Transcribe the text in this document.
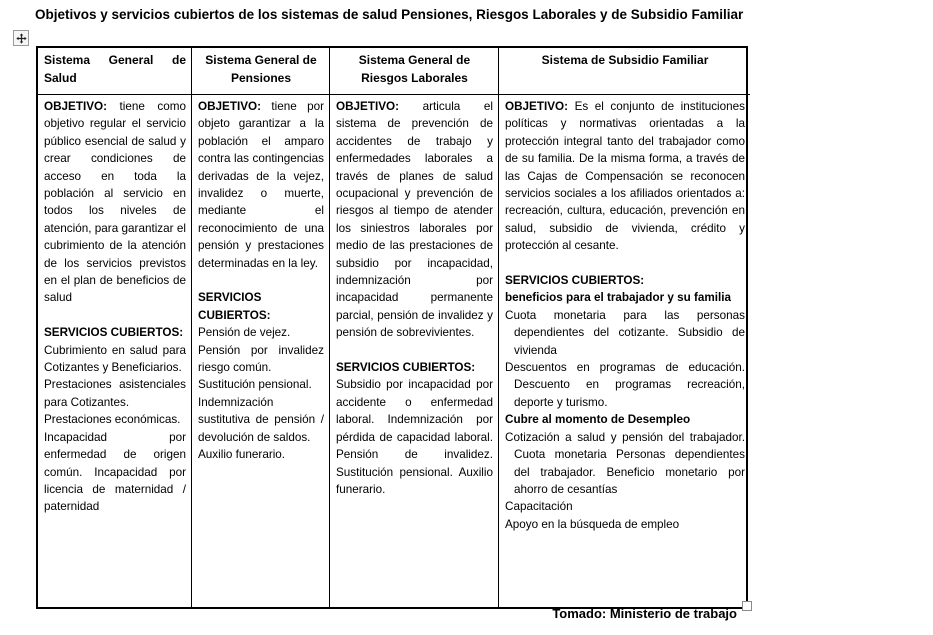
Objetivos y servicios cubiertos de los sistemas de salud Pensiones, Riesgos Laborales y de Subsidio Familiar
Sistema General de Salud
Sistema General de Pensiones
Sistema General de Riesgos Laborales
Sistema de Subsidio Familiar

OBJETIVO: tiene como objetivo regular el servicio público esencial de salud y crear condiciones de acceso en toda la población al servicio en todos los niveles de atención, para garantizar el cubrimiento de la atención de los servicios previstos en el plan de beneficios de salud

SERVICIOS CUBIERTOS:

Cubrimiento en salud para Cotizantes y Beneficiarios.

Prestaciones asistenciales para Cotizantes.

Prestaciones económicas.

Incapacidad por enfermedad de origen común. Incapacidad por licencia de maternidad / paternidad

OBJETIVO: tiene por objeto garantizar a la población el amparo contra las contingencias derivadas de la vejez, invalidez o muerte, mediante el reconocimiento de una pensión y prestaciones determinadas en la ley.

SERVICIOS CUBIERTOS:

Pensión de vejez.

Pensión por invalidez riesgo común.

Sustitución pensional.

Indemnización sustitutiva de pensión / devolución de saldos.

Auxilio funerario.

OBJETIVO: articula el sistema de prevención de accidentes de trabajo y enfermedades laborales a través de planes de salud ocupacional y prevención de riesgos al tiempo de atender los siniestros laborales por medio de las prestaciones de subsidio por incapacidad, indemnización por incapacidad permanente parcial, pensión de invalidez y pensión de sobrevivientes.

SERVICIOS CUBIERTOS:

Subsidio por incapacidad por accidente o enfermedad laboral. Indemnización por pérdida de capacidad laboral. Pensión de invalidez. Sustitución pensional. Auxilio funerario.

OBJETIVO: Es el conjunto de instituciones políticas y normativas orientadas a la protección integral tanto del trabajador como de su familia. De la misma forma, a través de las Cajas de Compensación se reconocen servicios sociales a los afiliados orientados a: recreación, cultura, educación, prevención en salud, subsidio de vivienda, crédito y protección al cesante.

SERVICIOS CUBIERTOS:

beneficios para el trabajador y su familia

Cuota monetaria para las personas dependientes del cotizante. Subsidio de vivienda

Descuentos en programas de educación. Descuento en programas recreación, deporte y turismo.

Cubre al momento de Desempleo

Cotización a salud y pensión del trabajador. Cuota monetaria Personas dependientes del trabajador. Beneficio monetario por ahorro de cesantías

Capacitación

Apoyo en la búsqueda de empleo

Tomado: Ministerio de trabajo
